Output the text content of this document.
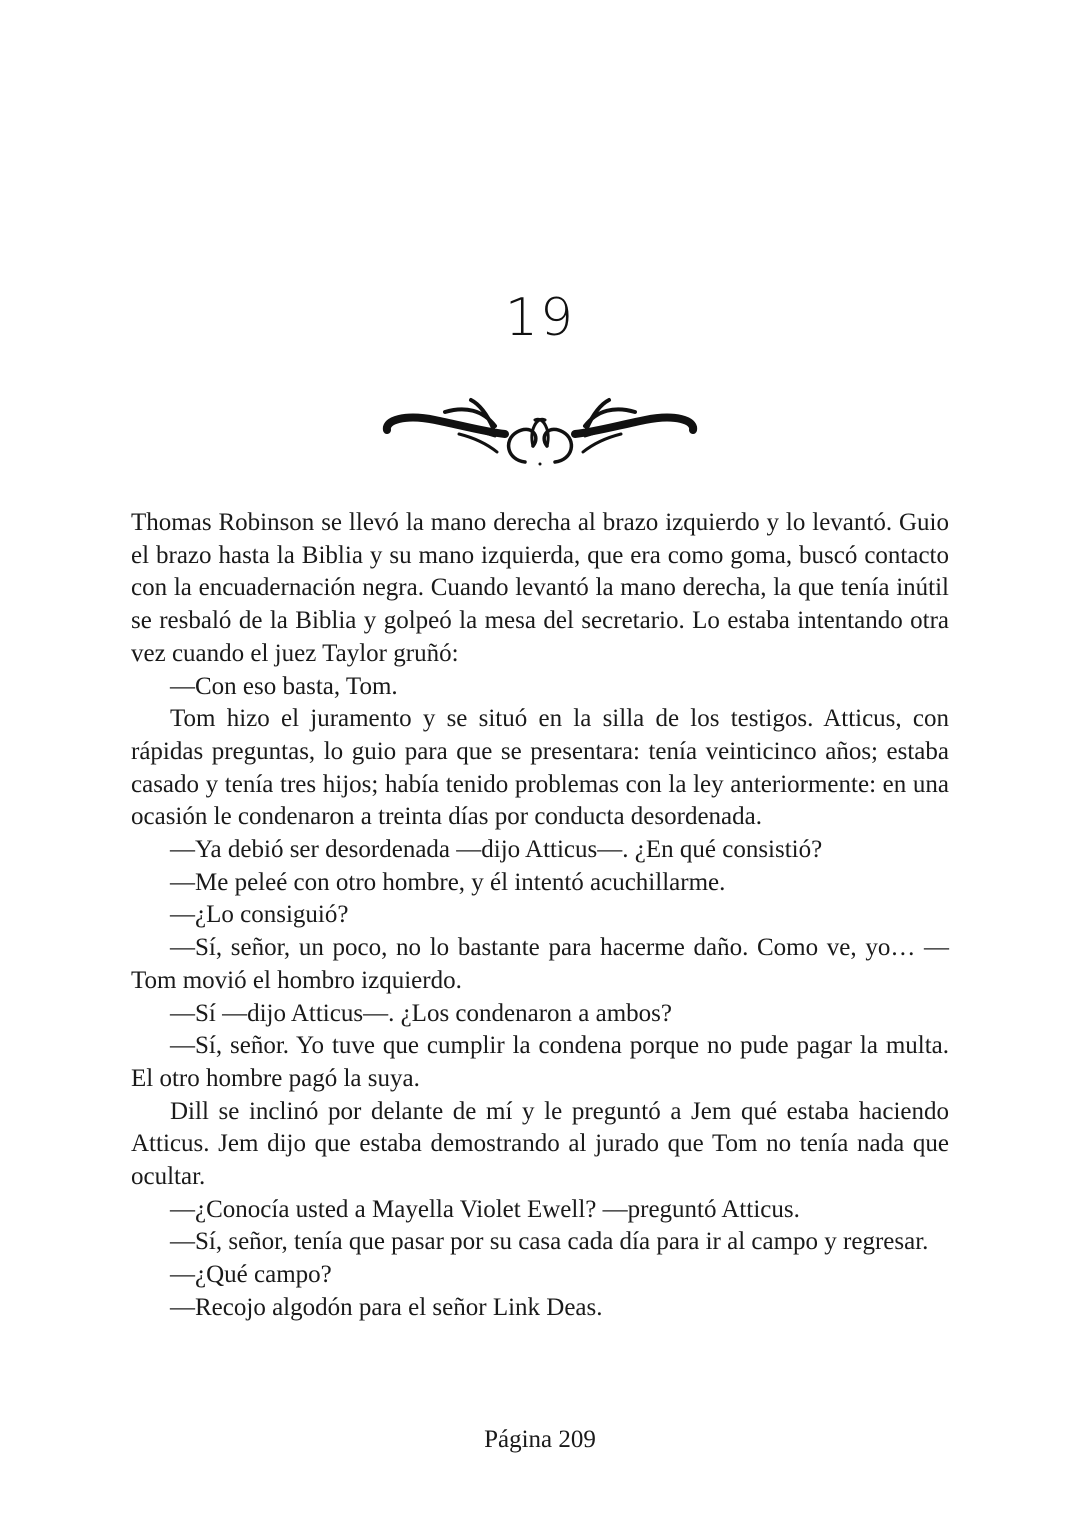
19

Thomas Robinson se llevó la mano derecha al brazo izquierdo y lo levantó. Guio el brazo hasta la Biblia y su mano izquierda, que era como goma, buscó contacto con la encuadernación negra. Cuando levantó la mano derecha, la que tenía inútil se resbaló de la Biblia y golpeó la mesa del secretario. Lo estaba intentando otra vez cuando el juez Taylor gruñó:

—Con eso basta, Tom.

Tom hizo el juramento y se situó en la silla de los testigos. Atticus, con rápidas preguntas, lo guio para que se presentara: tenía veinticinco años; estaba casado y tenía tres hijos; había tenido problemas con la ley anteriormente: en una ocasión le condenaron a treinta días por conducta desordenada.

—Ya debió ser desordenada —dijo Atticus—. ¿En qué consistió?

—Me peleé con otro hombre, y él intentó acuchillarme.

—¿Lo consiguió?

—Sí, señor, un poco, no lo bastante para hacerme daño. Como ve, yo… —Tom movió el hombro izquierdo.

—Sí —dijo Atticus—. ¿Los condenaron a ambos?

—Sí, señor. Yo tuve que cumplir la condena porque no pude pagar la multa. El otro hombre pagó la suya.

Dill se inclinó por delante de mí y le preguntó a Jem qué estaba haciendo Atticus. Jem dijo que estaba demostrando al jurado que Tom no tenía nada que ocultar.

—¿Conocía usted a Mayella Violet Ewell? —preguntó Atticus.

—Sí, señor, tenía que pasar por su casa cada día para ir al campo y regresar.

—¿Qué campo?

—Recojo algodón para el señor Link Deas.

Página 209
